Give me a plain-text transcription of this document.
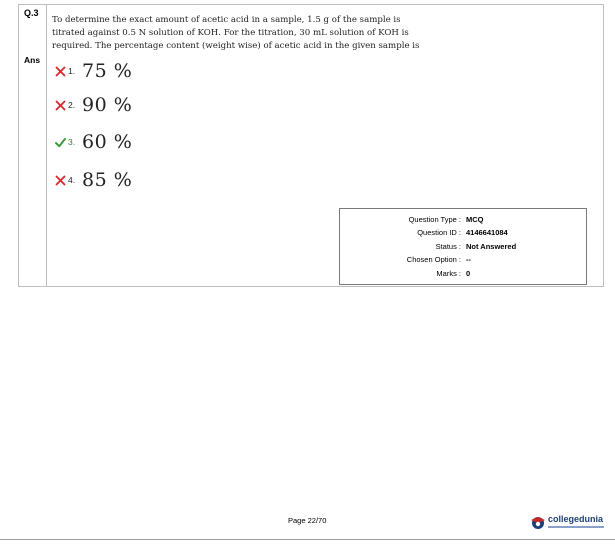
Q.3
To determine the exact amount of acetic acid in a sample, 1.5 g of the sample is titrated against 0.5 N solution of KOH. For the titration, 30 mL solution of KOH is required. The percentage content (weight wise) of acetic acid in the given sample is
Ans
1. 75 %
2. 90 %
3. 60 %
4. 85 %
Question Type : MCQ
Question ID : 4146641084
Status : Not Answered
Chosen Option : --
Marks : 0
Page 22/70	collegedunia
